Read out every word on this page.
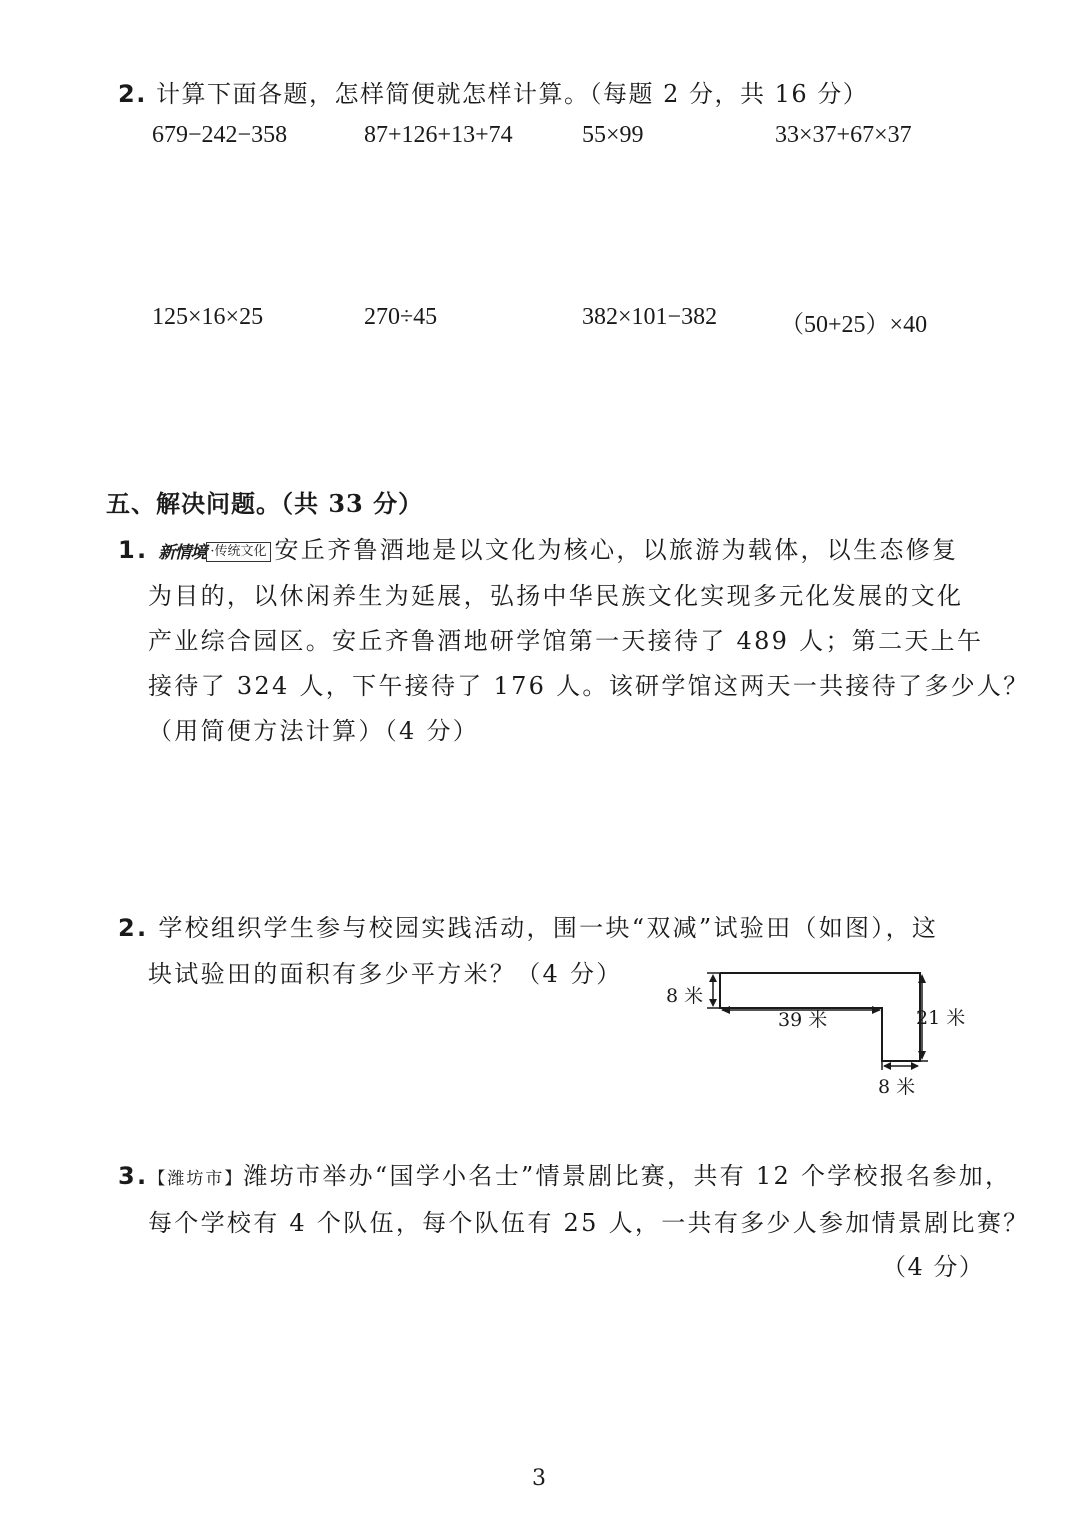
2. 计算下面各题，怎样简便就怎样计算。（每题 2 分，共 16 分）
679−242−358	87+126+13+74	55×99	33×37+67×37
125×16×25	270÷45	382×101−382	（50+25）×40
五、解决问题。（共 33 分）
1. 新情境 ·传统文化 安丘齐鲁酒地是以文化为核心，以旅游为载体，以生态修复
为目的，以休闲养生为延展，弘扬中华民族文化实现多元化发展的文化
产业综合园区。安丘齐鲁酒地研学馆第一天接待了 489 人；第二天上午
接待了 324 人，下午接待了 176 人。该研学馆这两天一共接待了多少人？
（用简便方法计算）（4 分）
2. 学校组织学生参与校园实践活动，围一块“双减”试验田（如图），这
块试验田的面积有多少平方米？（4 分）
8 米
39 米	21 米
8 米
3.【潍坊市】潍坊市举办“国学小名士”情景剧比赛，共有 12 个学校报名参加，
每个学校有 4 个队伍，每个队伍有 25 人，一共有多少人参加情景剧比赛？
（4 分）
3
